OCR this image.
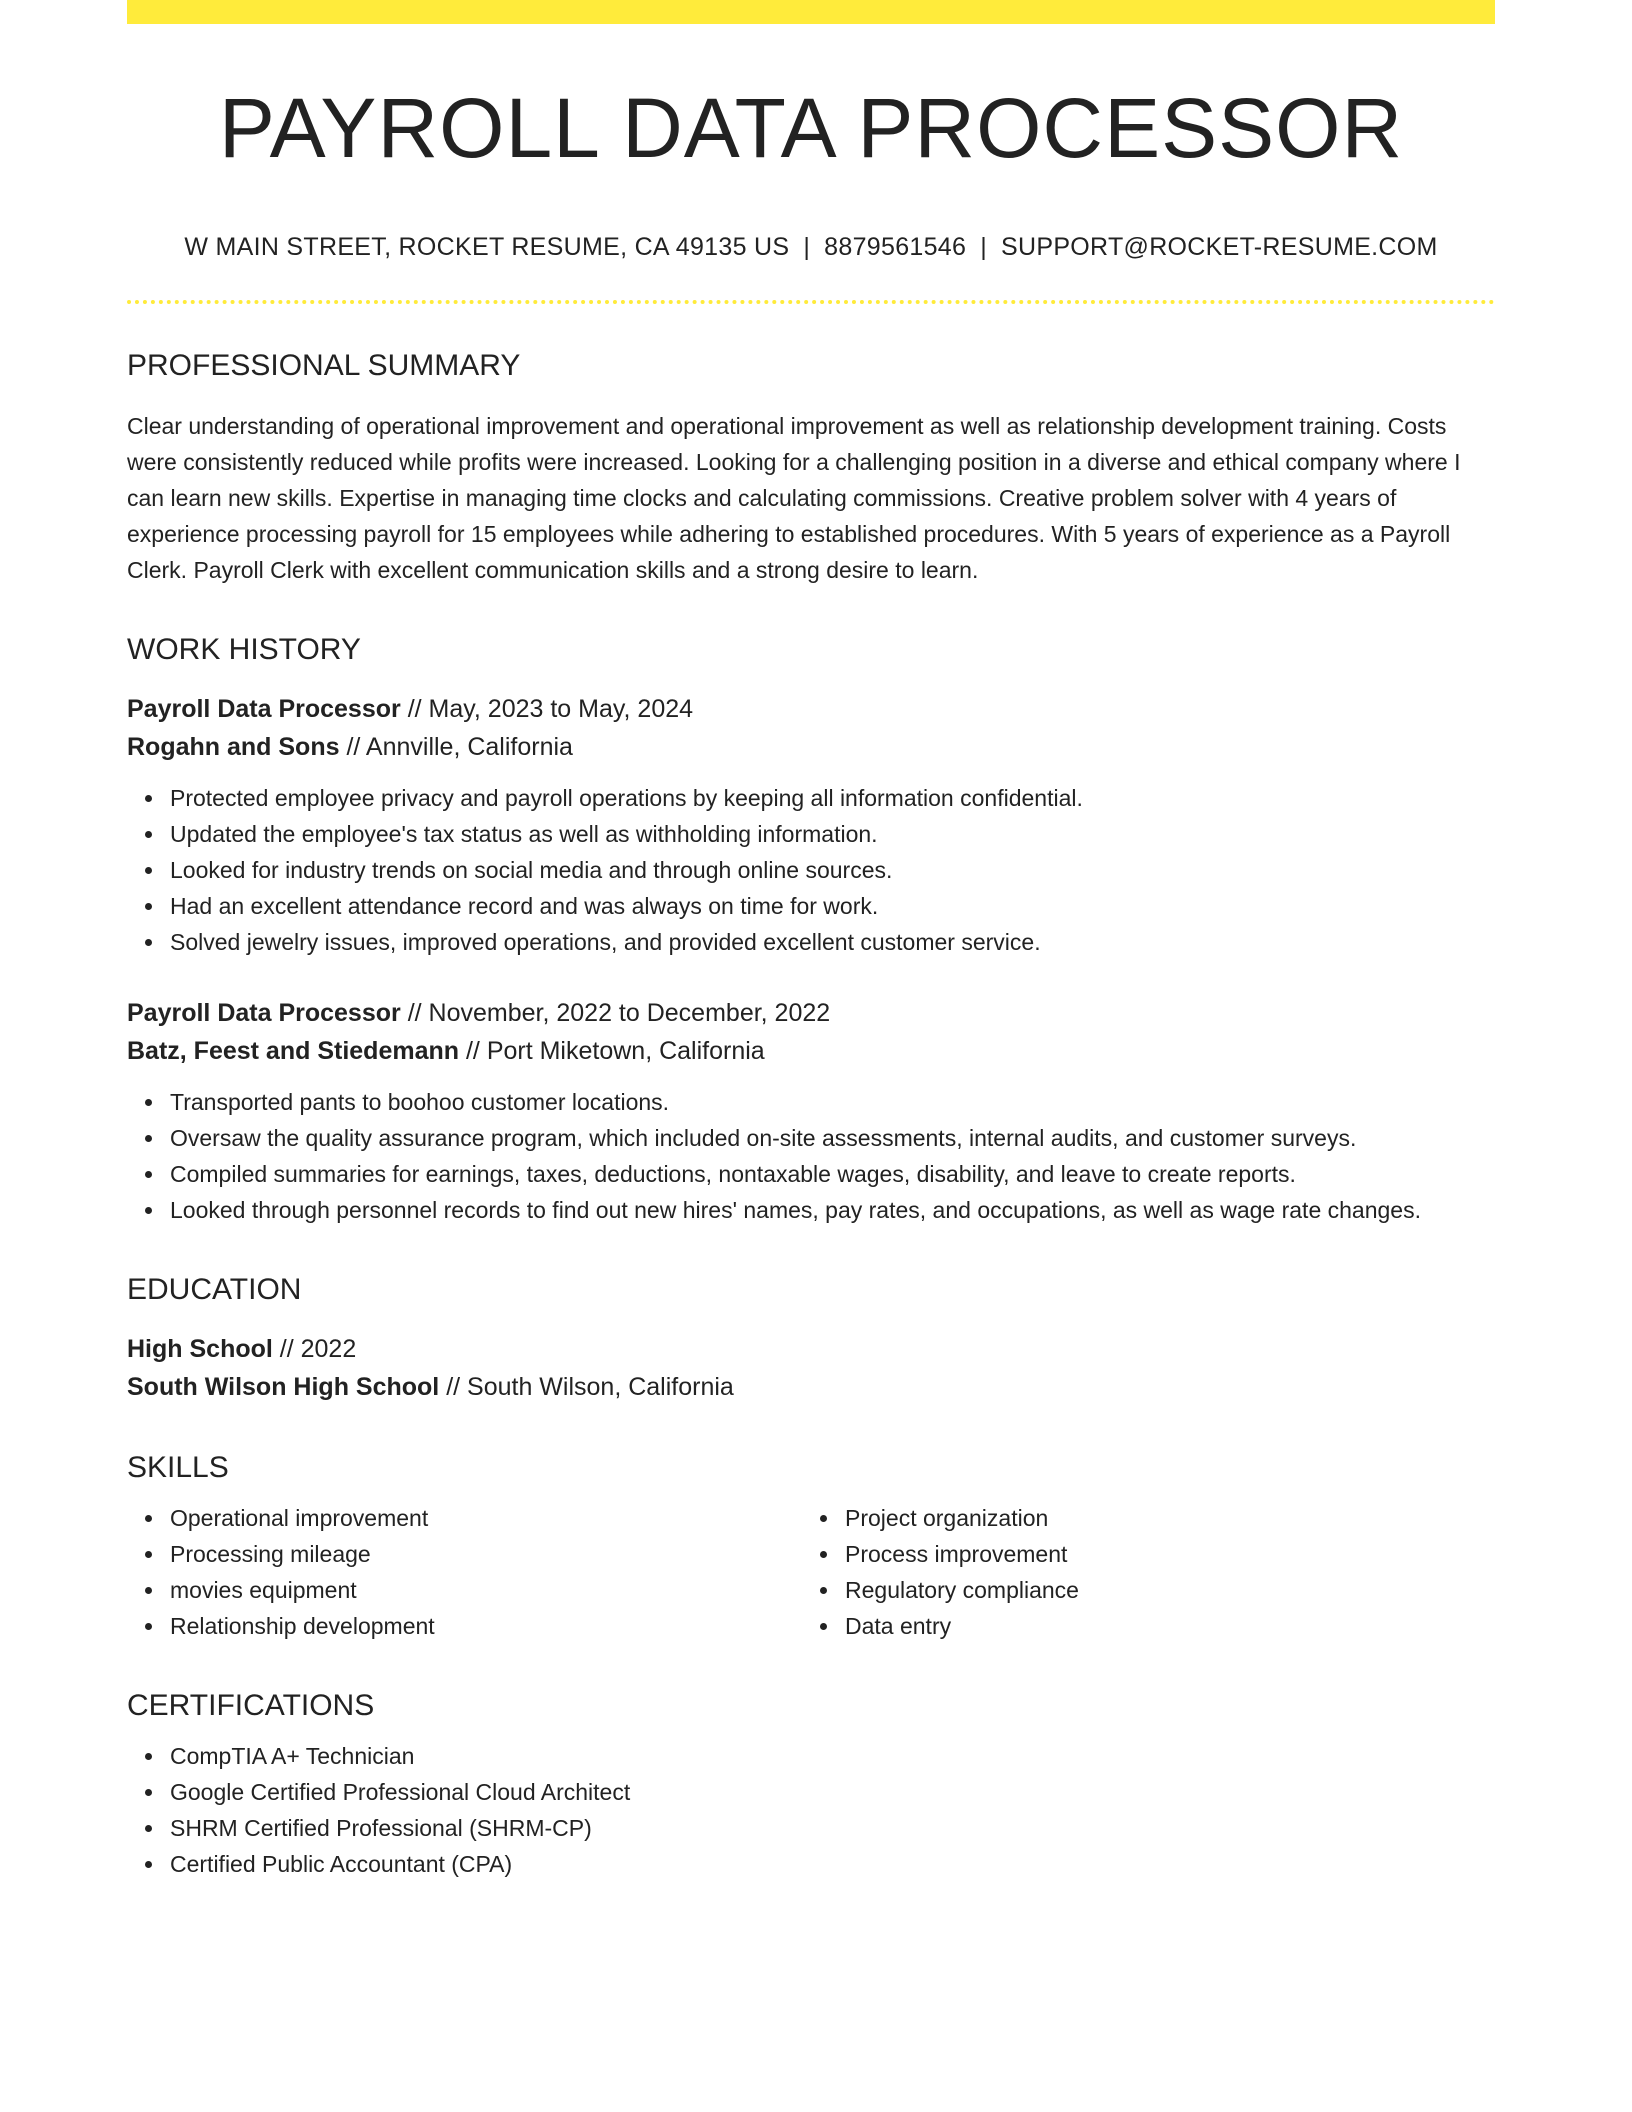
PAYROLL DATA PROCESSOR
W MAIN STREET, ROCKET RESUME, CA 49135 US | 8879561546 | SUPPORT@ROCKET-RESUME.COM
PROFESSIONAL SUMMARY

Clear understanding of operational improvement and operational improvement as well as relationship development training. Costs were consistently reduced while profits were increased. Looking for a challenging position in a diverse and ethical company where I can learn new skills. Expertise in managing time clocks and calculating commissions. Creative problem solver with 4 years of experience processing payroll for 15 employees while adhering to established procedures. With 5 years of experience as a Payroll Clerk. Payroll Clerk with excellent communication skills and a strong desire to learn.

WORK HISTORY
Payroll Data Processor // May, 2023 to May, 2024
Rogahn and Sons // Annville, California
Protected employee privacy and payroll operations by keeping all information confidential.
Updated the employee's tax status as well as withholding information.
Looked for industry trends on social media and through online sources.
Had an excellent attendance record and was always on time for work.
Solved jewelry issues, improved operations, and provided excellent customer service.
Payroll Data Processor // November, 2022 to December, 2022
Batz, Feest and Stiedemann // Port Miketown, California
Transported pants to boohoo customer locations.
Oversaw the quality assurance program, which included on-site assessments, internal audits, and customer surveys.
Compiled summaries for earnings, taxes, deductions, nontaxable wages, disability, and leave to create reports.
Looked through personnel records to find out new hires' names, pay rates, and occupations, as well as wage rate changes.
EDUCATION
High School // 2022
South Wilson High School // South Wilson, California
SKILLS
Operational improvement
Processing mileage
movies equipment
Relationship development
Project organization
Process improvement
Regulatory compliance
Data entry
CERTIFICATIONS
CompTIA A+ Technician
Google Certified Professional Cloud Architect
SHRM Certified Professional (SHRM-CP)
Certified Public Accountant (CPA)
